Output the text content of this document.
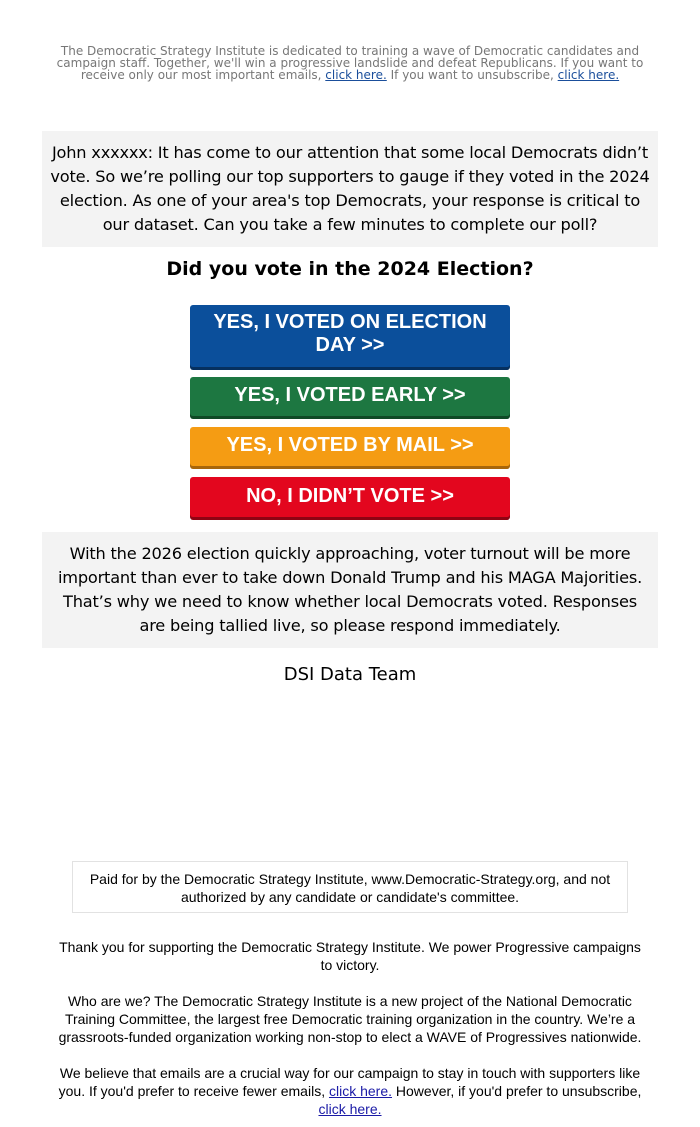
The Democratic Strategy Institute is dedicated to training a wave of Democratic candidates and campaign staff. Together, we'll win a progressive landslide and defeat Republicans. If you want to receive only our most important emails, click here. If you want to unsubscribe, click here.

John xxxxxx: It has come to our attention that some local Democrats didn’t vote. So we’re polling our top supporters to gauge if they voted in the 2024 election. As one of your area's top Democrats, your response is critical to our dataset. Can you take a few minutes to complete our poll?

Did you vote in the 2024 Election?
YES, I VOTED ON ELECTION DAY >>
YES, I VOTED EARLY >>
YES, I VOTED BY MAIL >>
NO, I DIDN’T VOTE >>

With the 2026 election quickly approaching, voter turnout will be more important than ever to take down Donald Trump and his MAGA Majorities. That’s why we need to know whether local Democrats voted. Responses are being tallied live, so please respond immediately.

DSI Data Team
Paid for by the Democratic Strategy Institute, www.Democratic-Strategy.org, and not authorized by any candidate or candidate's committee.

Thank you for supporting the Democratic Strategy Institute. We power Progressive campaigns to victory.

Who are we? The Democratic Strategy Institute is a new project of the National Democratic Training Committee, the largest free Democratic training organization in the country. We’re a grassroots-funded organization working non-stop to elect a WAVE of Progressives nationwide.

We believe that emails are a crucial way for our campaign to stay in touch with supporters like you. If you'd prefer to receive fewer emails, click here. However, if you'd prefer to unsubscribe,
click here.
